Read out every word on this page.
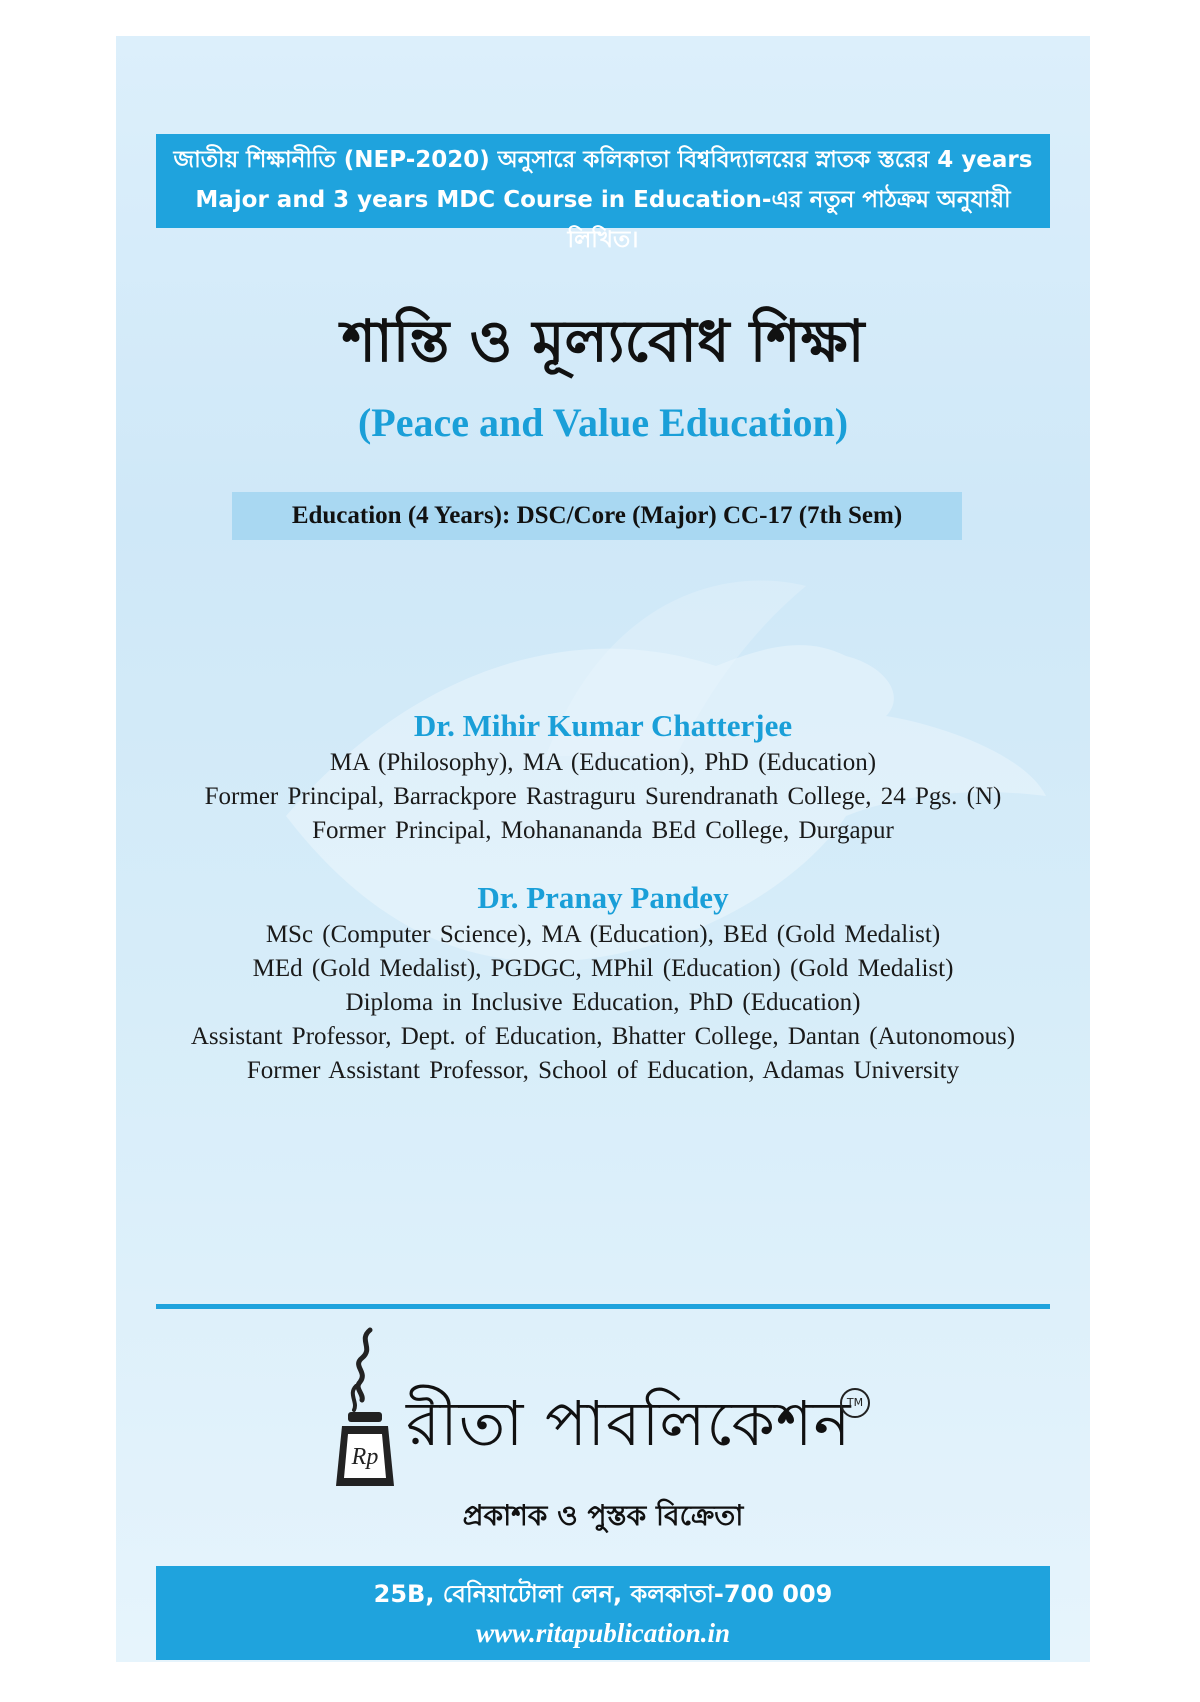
জাতীয় শিক্ষানীতি (NEP-2020) অনুসারে কলিকাতা বিশ্ববিদ্যালয়ের স্নাতক স্তরের 4 years
Major and 3 years MDC Course in Education-এর নতুন পাঠক্রম অনুযায়ী লিখিত।
শান্তি ও মূল্যবোধ শিক্ষা
(Peace and Value Education)
Education (4 Years): DSC/Core (Major) CC-17 (7th Sem)
Dr. Mihir Kumar Chatterjee
MA (Philosophy), MA (Education), PhD (Education)
Former Principal, Barrackpore Rastraguru Surendranath College, 24 Pgs. (N)
Former Principal, Mohanananda BEd College, Durgapur
Dr. Pranay Pandey
MSc (Computer Science), MA (Education), BEd (Gold Medalist)
MEd (Gold Medalist), PGDGC, MPhil (Education) (Gold Medalist)
Diploma in Inclusive Education, PhD (Education)
Assistant Professor, Dept. of Education, Bhatter College, Dantan (Autonomous)
Former Assistant Professor, School of Education, Adamas University
Rp রীতা পাবলিকেশন
TM
প্রকাশক ও পুস্তক বিক্রেতা
25B, বেনিয়াটোলা লেন, কলকাতা-700 009
www.ritapublication.in
